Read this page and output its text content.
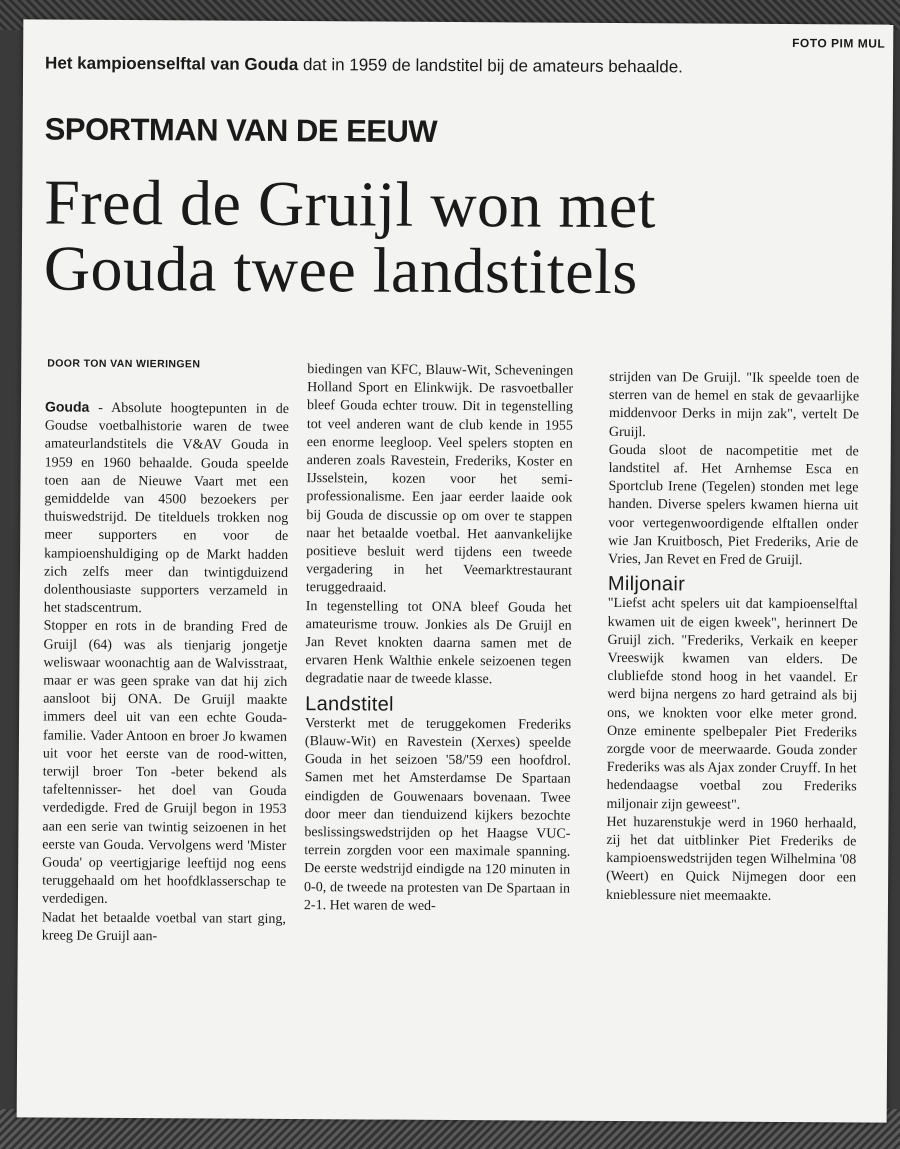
FOTO PIM MUL
Het kampioenselftal van Gouda dat in 1959 de landstitel bij de amateurs behaalde.
SPORTMAN VAN DE EEUW
Fred de Gruijl won met
Gouda twee landstitels
DOOR TON VAN WIERINGEN

Gouda - Absolute hoogtepunten in de Goudse voetbalhistorie waren de twee amateurlandstitels die V&AV Gouda in 1959 en 1960 behaalde. Gouda speelde toen aan de Nieuwe Vaart met een gemiddelde van 4500 bezoekers per thuiswedstrijd. De titelduels trokken nog meer supporters en voor de kampioenshuldiging op de Markt hadden zich zelfs meer dan twintigduizend dolenthousiaste supporters verzameld in het stadscentrum.

Stopper en rots in de branding Fred de Gruijl (64) was als tienjarig jongetje weliswaar woonachtig aan de Walvisstraat, maar er was geen sprake van dat hij zich aansloot bij ONA. De Gruijl maakte immers deel uit van een echte Gouda-familie. Vader Antoon en broer Jo kwamen uit voor het eerste van de rood-witten, terwijl broer Ton -beter bekend als tafeltennisser- het doel van Gouda verdedigde. Fred de Gruijl begon in 1953 aan een serie van twintig seizoenen in het eerste van Gouda. Vervolgens werd 'Mister Gouda' op veertigjarige leeftijd nog eens teruggehaald om het hoofdklasserschap te verdedigen.

Nadat het betaalde voetbal van start ging, kreeg De Gruijl aan-

biedingen van KFC, Blauw-Wit, Scheveningen Holland Sport en Elinkwijk. De rasvoetballer bleef Gouda echter trouw. Dit in tegenstelling tot veel anderen want de club kende in 1955 een enorme leegloop. Veel spelers stopten en anderen zoals Ravestein, Frederiks, Koster en IJsselstein, kozen voor het semi-professionalisme. Een jaar eerder laaide ook bij Gouda de discussie op om over te stappen naar het betaalde voetbal. Het aanvankelijke positieve besluit werd tijdens een tweede vergadering in het Veemarktrestaurant teruggedraaid.

In tegenstelling tot ONA bleef Gouda het amateurisme trouw. Jonkies als De Gruijl en Jan Revet knokten daarna samen met de ervaren Henk Walthie enkele seizoenen tegen degradatie naar de tweede klasse.

Landstitel

Versterkt met de teruggekomen Frederiks (Blauw-Wit) en Ravestein (Xerxes) speelde Gouda in het seizoen '58/'59 een hoofdrol. Samen met het Amsterdamse De Spartaan eindigden de Gouwenaars bovenaan. Twee door meer dan tienduizend kijkers bezochte beslissingswedstrijden op het Haagse VUC-terrein zorgden voor een maximale spanning. De eerste wedstrijd eindigde na 120 minuten in 0-0, de tweede na protesten van De Spartaan in 2-1. Het waren de wed-

strijden van De Gruijl. "Ik speelde toen de sterren van de hemel en stak de gevaarlijke middenvoor Derks in mijn zak", vertelt De Gruijl.

Gouda sloot de nacompetitie met de landstitel af. Het Arnhemse Esca en Sportclub Irene (Tegelen) stonden met lege handen. Diverse spelers kwamen hierna uit voor vertegenwoordigende elftallen onder wie Jan Kruitbosch, Piet Frederiks, Arie de Vries, Jan Revet en Fred de Gruijl.

Miljonair

"Liefst acht spelers uit dat kampioenselftal kwamen uit de eigen kweek", herinnert De Gruijl zich. "Frederiks, Verkaik en keeper Vreeswijk kwamen van elders. De clubliefde stond hoog in het vaandel. Er werd bijna nergens zo hard getraind als bij ons, we knokten voor elke meter grond. Onze eminente spelbepaler Piet Frederiks zorgde voor de meerwaarde. Gouda zonder Frederiks was als Ajax zonder Cruyff. In het hedendaagse voetbal zou Frederiks miljonair zijn geweest".

Het huzarenstukje werd in 1960 herhaald, zij het dat uitblinker Piet Frederiks de kampioenswedstrijden tegen Wilhelmina '08 (Weert) en Quick Nijmegen door een knieblessure niet meemaakte.
